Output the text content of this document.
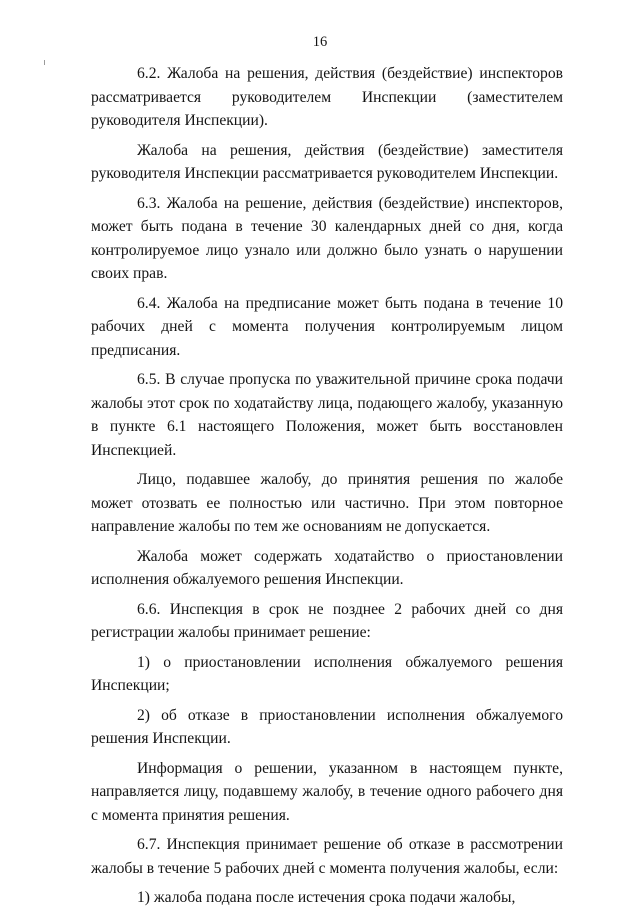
16

6.2. Жалоба на решения, действия (бездействие) инспекторов рассматривается руководителем Инспекции (заместителем руководителя Инспекции).

Жалоба на решения, действия (бездействие) заместителя руководителя Инспекции рассматривается руководителем Инспекции.

6.3. Жалоба на решение, действия (бездействие) инспекторов, может быть подана в течение 30 календарных дней со дня, когда контролируемое лицо узнало или должно было узнать о нарушении своих прав.

6.4. Жалоба на предписание может быть подана в течение 10 рабочих дней с момента получения контролируемым лицом предписания.

6.5. В случае пропуска по уважительной причине срока подачи жалобы этот срок по ходатайству лица, подающего жалобу, указанную в пункте 6.1 настоящего Положения, может быть восстановлен Инспекцией.

Лицо, подавшее жалобу, до принятия решения по жалобе может отозвать ее полностью или частично. При этом повторное направление жалобы по тем же основаниям не допускается.

Жалоба может содержать ходатайство о приостановлении исполнения обжалуемого решения Инспекции.

6.6. Инспекция в срок не позднее 2 рабочих дней со дня регистрации жалобы принимает решение:

1) о приостановлении исполнения обжалуемого решения Инспекции;

2) об отказе в приостановлении исполнения обжалуемого решения Инспекции.

Информация о решении, указанном в настоящем пункте, направляется лицу, подавшему жалобу, в течение одного рабочего дня с момента принятия решения.

6.7. Инспекция принимает решение об отказе в рассмотрении жалобы в течение 5 рабочих дней с момента получения жалобы, если:

1) жалоба подана после истечения срока подачи жалобы,
